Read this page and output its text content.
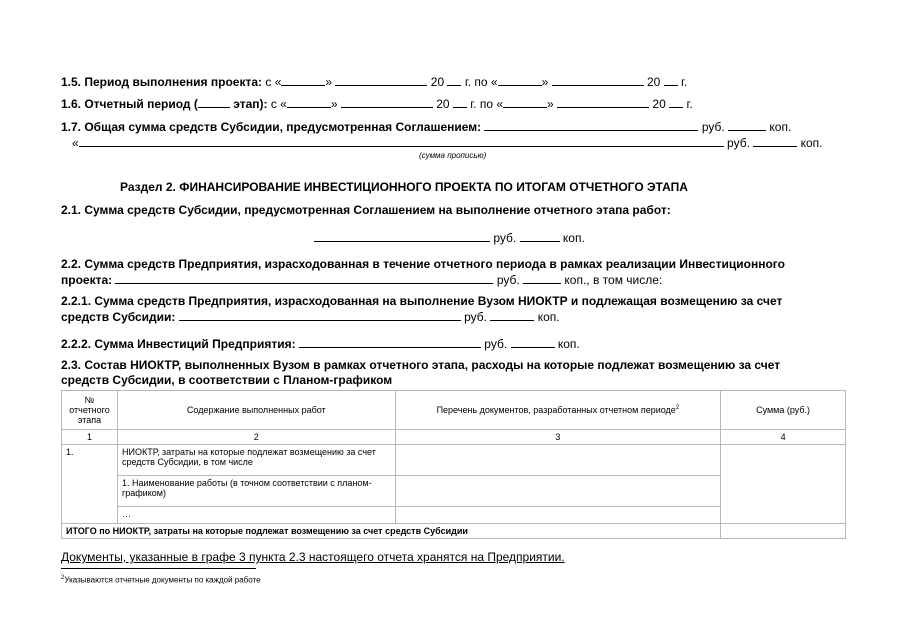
1.5. Период выполнения проекта: с «	»	20 г. по «	»	20 г.
1.6. Отчетный период (	этап): с «	»	20 г. по «	»	20 г.
1.7. Общая сумма средств Субсидии, предусмотренная Соглашением:	руб.	коп.
«	руб.	коп.
(сумма прописью)
Раздел 2. ФИНАНСИРОВАНИЕ ИНВЕСТИЦИОННОГО ПРОЕКТА ПО ИТОГАМ ОТЧЕТНОГО ЭТАПА
2.1. Сумма средств Субсидии, предусмотренная Соглашением на выполнение отчетного этапа работ:
руб.	коп.
2.2. Сумма средств Предприятия, израсходованная в течение отчетного периода в рамках реализации Инвестиционного
проекта:	руб.	коп., в том числе:
2.2.1. Сумма средств Предприятия, израсходованная на выполнение Вузом НИОКТР и подлежащая возмещению за счет
средств Субсидии:	руб.	коп.
2.2.2. Сумма Инвестиций Предприятия:	руб.	коп.
2.3. Состав НИОКТР, выполненных Вузом в рамках отчетного этапа, расходы на которые подлежат возмещению за счет
средств Субсидии, в соответствии с Планом-графиком
№ отчетного этапа	Содержание выполненных работ	Перечень документов, разработанных отчетном периоде$^2$	Сумма (руб.)
1	2	3	4
1.	НИОКТР, затраты на которые подлежат возмещению за счет средств Субсидии, в том числе		
	1. Наименование работы (в точном соответствии с планом-графиком)		
	…		
ИТОГО по НИОКТР, затраты на которые подлежат возмещению за счет средств Субсидии			
Документы, указанные в графе 3 пункта 2.3 настоящего отчета хранятся на Предприятии.
$^2$Указываются отчетные документы по каждой работе
